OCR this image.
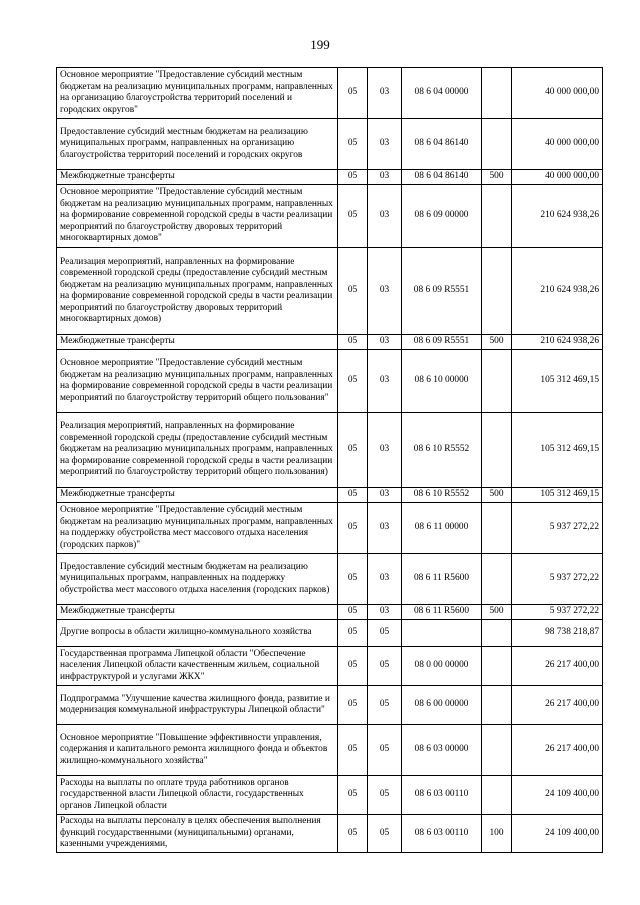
199
Основное мероприятие "Предоставление субсидий местным бюджетам на реализацию муниципальных программ, направленных на организацию благоустройства территорий поселений и городских округов"	05	03	08 6 04 00000		40 000 000,00
Предоставление субсидий местным бюджетам на реализацию муниципальных программ, направленных на организацию благоустройства территорий поселений и городских округов	05	03	08 6 04 86140		40 000 000,00
Межбюджетные трансферты	05	03	08 6 04 86140	500	40 000 000,00
Основное мероприятие "Предоставление субсидий местным бюджетам на реализацию муниципальных программ, направленных на формирование современной городской среды в части реализации мероприятий по благоустройству дворовых территорий многоквартирных домов"	05	03	08 6 09 00000		210 624 938,26
Реализация мероприятий, направленных на формирование современной городской среды (предоставление субсидий местным бюджетам на реализацию муниципальных программ, направленных на формирование современной городской среды в части реализации мероприятий по благоустройству дворовых территорий многоквартирных домов)	05	03	08 6 09 R5551		210 624 938,26
Межбюджетные трансферты	05	03	08 6 09 R5551	500	210 624 938,26
Основное мероприятие "Предоставление субсидий местным бюджетам на реализацию муниципальных программ, направленных на формирование современной городской среды в части реализации мероприятий по благоустройству территорий общего пользования"	05	03	08 6 10 00000		105 312 469,15
Реализация мероприятий, направленных на формирование современной городской среды (предоставление субсидий местным бюджетам на реализацию муниципальных программ, направленных на формирование современной городской среды в части реализации мероприятий по благоустройству территорий общего пользования)	05	03	08 6 10 R5552		105 312 469,15
Межбюджетные трансферты	05	03	08 6 10 R5552	500	105 312 469,15
Основное мероприятие "Предоставление субсидий местным бюджетам на реализацию муниципальных программ, направленных на поддержку обустройства мест массового отдыха населения (городских парков)"	05	03	08 6 11 00000		5 937 272,22
Предоставление субсидий местным бюджетам на реализацию муниципальных программ, направленных на поддержку обустройства мест массового отдыха населения (городских парков)	05	03	08 6 11 R5600		5 937 272,22
Межбюджетные трансферты	05	03	08 6 11 R5600	500	5 937 272,22
Другие вопросы в области жилищно-коммунального хозяйства	05	05			98 738 218,87
Государственная программа Липецкой области "Обеспечение населения Липецкой области качественным жильем, социальной инфраструктурой и услугами ЖКХ"	05	05	08 0 00 00000		26 217 400,00
Подпрограмма "Улучшение качества жилищного фонда, развитие и модернизация коммунальной инфраструктуры Липецкой области"	05	05	08 6 00 00000		26 217 400,00
Основное мероприятие "Повышение эффективности управления, содержания и капитального ремонта жилищного фонда и объектов жилищно-коммунального хозяйства"	05	05	08 6 03 00000		26 217 400,00
Расходы на выплаты по оплате труда работников органов государственной власти Липецкой области, государственных органов Липецкой области	05	05	08 6 03 00110		24 109 400,00
Расходы на выплаты персоналу в целях обеспечения выполнения функций государственными (муниципальными) органами, казенными учреждениями,	05	05	08 6 03 00110	100	24 109 400,00
